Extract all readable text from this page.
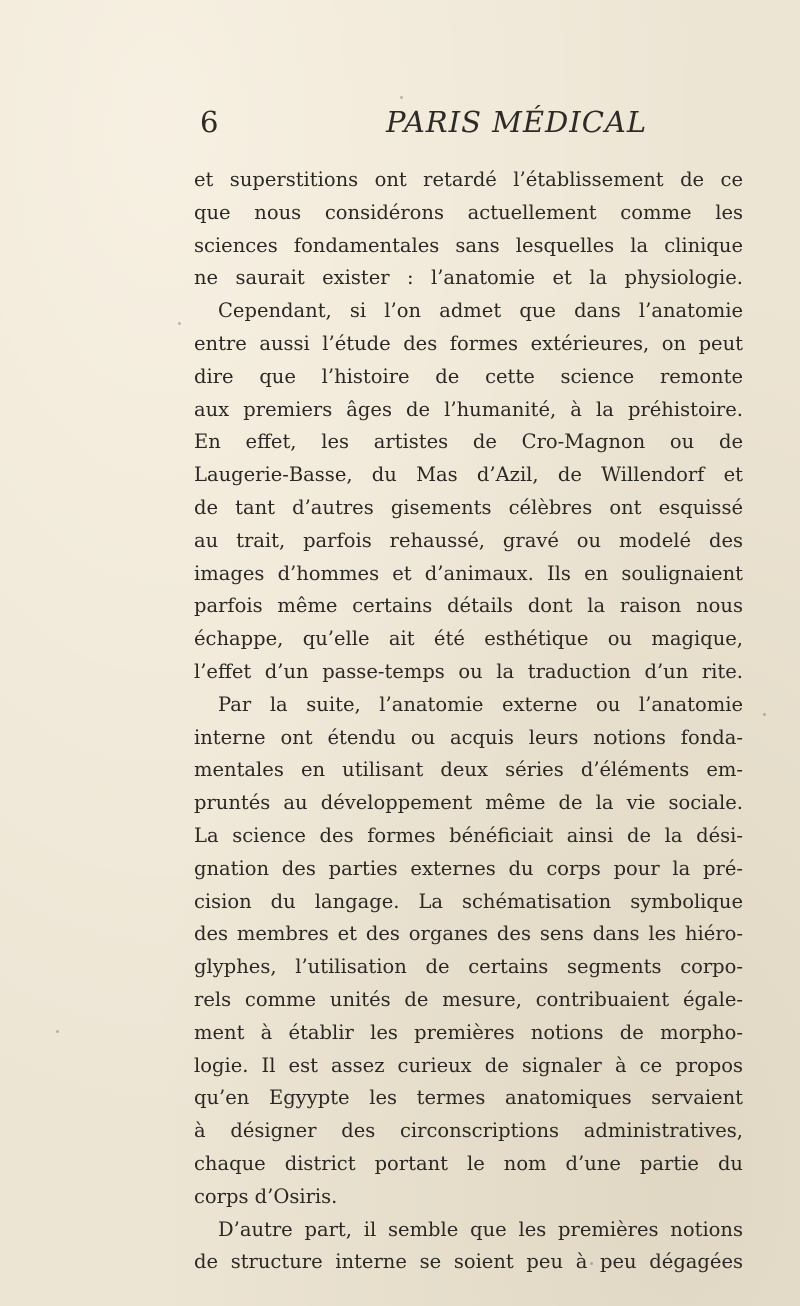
6	PARIS MÉDICAL
et superstitions ont retardé l’établissement de ce
que nous considérons actuellement comme les
sciences fondamentales sans lesquelles la clinique
ne saurait exister : l’anatomie et la physiologie.
Cependant, si l’on admet que dans l’anatomie
entre aussi l’étude des formes extérieures, on peut
dire que l’histoire de cette science remonte
aux premiers âges de l’humanité, à la préhistoire.
En effet, les artistes de Cro-Magnon ou de
Laugerie-Basse, du Mas d’Azil, de Willendorf et
de tant d’autres gisements célèbres ont esquissé
au trait, parfois rehaussé, gravé ou modelé des
images d’hommes et d’animaux. Ils en soulignaient
parfois même certains détails dont la raison nous
échappe, qu’elle ait été esthétique ou magique,
l’effet d’un passe-temps ou la traduction d’un rite.
Par la suite, l’anatomie externe ou l’anatomie
interne ont étendu ou acquis leurs notions fonda-
mentales en utilisant deux séries d’éléments em-
pruntés au développement même de la vie sociale.
La science des formes bénéficiait ainsi de la dési-
gnation des parties externes du corps pour la pré-
cision du langage. La schématisation symbolique
des membres et des organes des sens dans les hiéro-
glyphes, l’utilisation de certains segments corpo-
rels comme unités de mesure, contribuaient égale-
ment à établir les premières notions de morpho-
logie. Il est assez curieux de signaler à ce propos
qu’en Egyypte les termes anatomiques servaient
à désigner des circonscriptions administratives,
chaque district portant le nom d’une partie du
corps d’Osiris.
D’autre part, il semble que les premières notions
de structure interne se soient peu à peu dégagées
